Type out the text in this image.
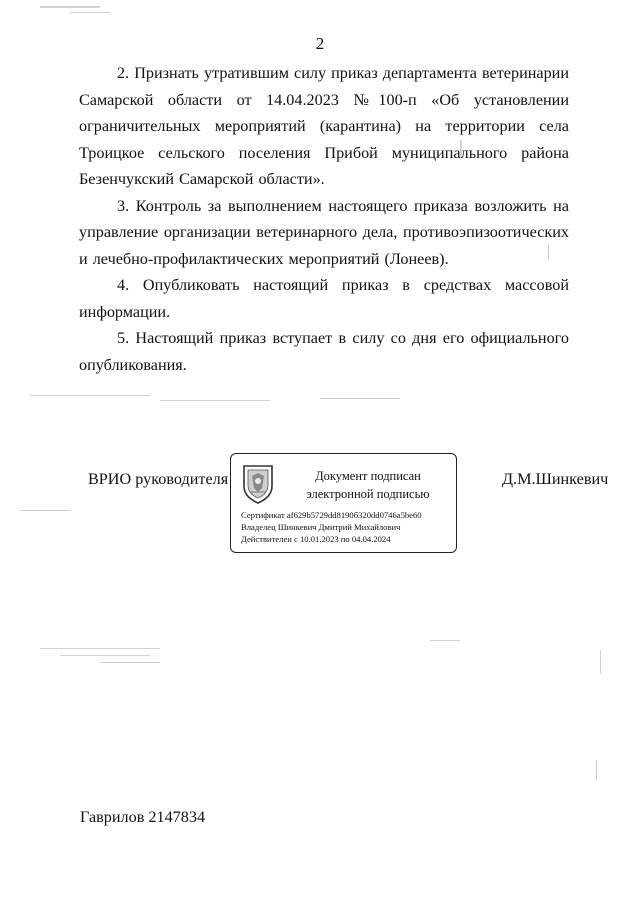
2

2. Признать утратившим силу приказ департамента ветеринарии Самарской области от 14.04.2023 №100-п «Об установлении ограничительных мероприятий (карантина) на территории села Троицкое сельского поселения Прибой муниципального района Безенчукский Самарской области».

3. Контроль за выполнением настоящего приказа возложить на управление организации ветеринарного дела, противоэпизоотических и лечебно-профилактических мероприятий (Лонеев).

4. Опубликовать настоящий приказ в средствах массовой информации.

5. Настоящий приказ вступает в силу со дня его официального опубликования.

ВРИО руководителя	Документ подписан
электронной подписью
Сертификат af629b5729dd8190б320dd0746a5be60
Владелец Шинкевич Дмитрий Михайлович
Действителен с 10.01.2023 по 04.04.2024
Д.М.Шинкевич
Гаврилов 2147834
